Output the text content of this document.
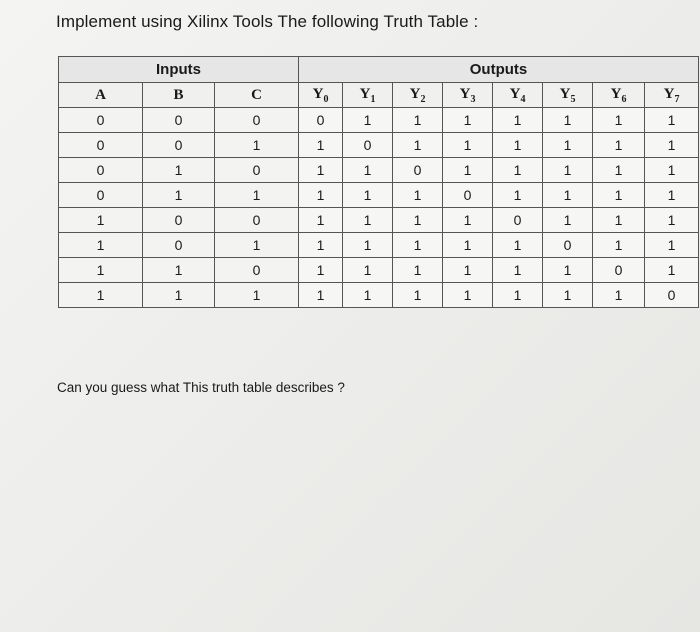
Implement using Xilinx Tools The following Truth Table :
Inputs			Outputs							
A	B	C	$Y_0$	$Y_1$	$Y_2$	$Y_3$	$Y_4$	$Y_5$	$Y_6$	$Y_7$
0	0	0	0	1	1	1	1	1	1	1
0	0	1	1	0	1	1	1	1	1	1
0	1	0	1	1	0	1	1	1	1	1
0	1	1	1	1	1	0	1	1	1	1
1	0	0	1	1	1	1	0	1	1	1
1	0	1	1	1	1	1	1	0	1	1
1	1	0	1	1	1	1	1	1	0	1
1	1	1	1	1	1	1	1	1	1	0
Can you guess what This truth table describes ?
